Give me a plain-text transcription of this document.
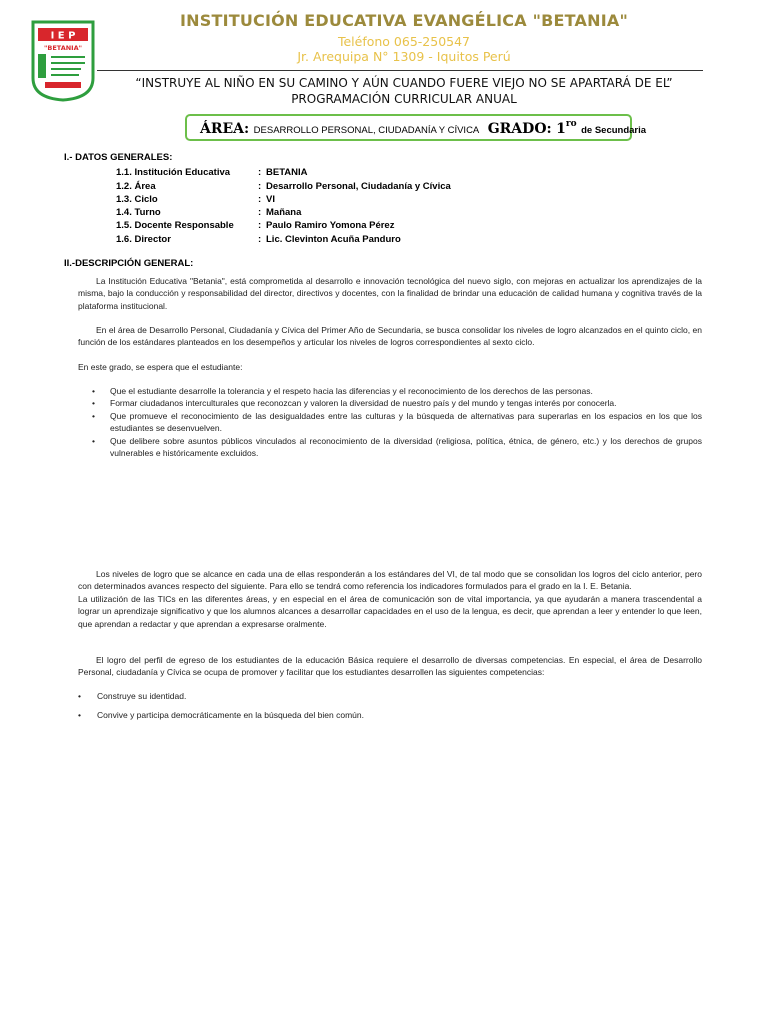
I E P
"BETANIA"
INSTITUCIÓN EDUCATIVA EVANGÉLICA "BETANIA"
Teléfono 065-250547
Jr. Arequipa N° 1309 - Iquitos Perú
“INSTRUYE AL NIÑO EN SU CAMINO Y AÚN CUANDO FUERE VIEJO NO SE APARTARÁ DE EL”
PROGRAMACIÓN CURRICULAR ANUAL
ÁREA: DESARROLLO PERSONAL, CIUDADANÍA Y CÍVICA GRADO: $1^{ro}$ de Secundaria
I.- DATOS GENERALES:
1.1. Institución Educativa	: BETANIA
1.2. Área	: Desarrollo Personal, Ciudadanía y Cívica
1.3. Ciclo	: VI
1.4. Turno	: Mañana
1.5. Docente Responsable	: Paulo Ramiro Yomona Pérez
1.6. Director	: Lic. Clevinton Acuña Panduro
II.-DESCRIPCIÓN GENERAL:

La Institución Educativa "Betania", está comprometida al desarrollo e innovación tecnológica del nuevo siglo, con mejoras en actualizar los aprendizajes de la misma, bajo la conducción y responsabilidad del director, directivos y docentes, con la finalidad de brindar una educación de calidad humana y cognitiva través de la plataforma institucional.

En el área de Desarrollo Personal, Ciudadanía y Cívica del Primer Año de Secundaria, se busca consolidar los niveles de logro alcanzados en el quinto ciclo, en función de los estándares planteados en los desempeños y articular los niveles de logros correspondientes al sexto ciclo.

En este grado, se espera que el estudiante:

• Que el estudiante desarrolle la tolerancia y el respeto hacia las diferencias y el reconocimiento de los derechos de las personas.
• Formar ciudadanos interculturales que reconozcan y valoren la diversidad de nuestro país y del mundo y tengas interés por conocerla.
• Que promueve el reconocimiento de las desigualdades entre las culturas y la búsqueda de alternativas para superarlas en los espacios en los que los estudiantes se desenvuelven.
• Que delibere sobre asuntos públicos vinculados al reconocimiento de la diversidad (religiosa, política, étnica, de género, etc.) y los derechos de grupos vulnerables e históricamente excluidos.

Los niveles de logro que se alcance en cada una de ellas responderán a los estándares del VI, de tal modo que se consolidan los logros del ciclo anterior, pero con determinados avances respecto del siguiente. Para ello se tendrá como referencia los indicadores formulados para el grado en la I. E. Betania.

La utilización de las TICs en las diferentes áreas, y en especial en el área de comunicación son de vital importancia, ya que ayudarán a manera trascendental a lograr un aprendizaje significativo y que los alumnos alcances a desarrollar capacidades en el uso de la lengua, es decir, que aprendan a leer y entender lo que leen, que aprendan a redactar y que aprendan a expresarse oralmente.

El logro del perfil de egreso de los estudiantes de la educación Básica requiere el desarrollo de diversas competencias. En especial, el área de Desarrollo Personal, ciudadanía y Cívica se ocupa de promover y facilitar que los estudiantes desarrollen las siguientes competencias:

• Construye su identidad.
• Convive y participa democráticamente en la búsqueda del bien común.
